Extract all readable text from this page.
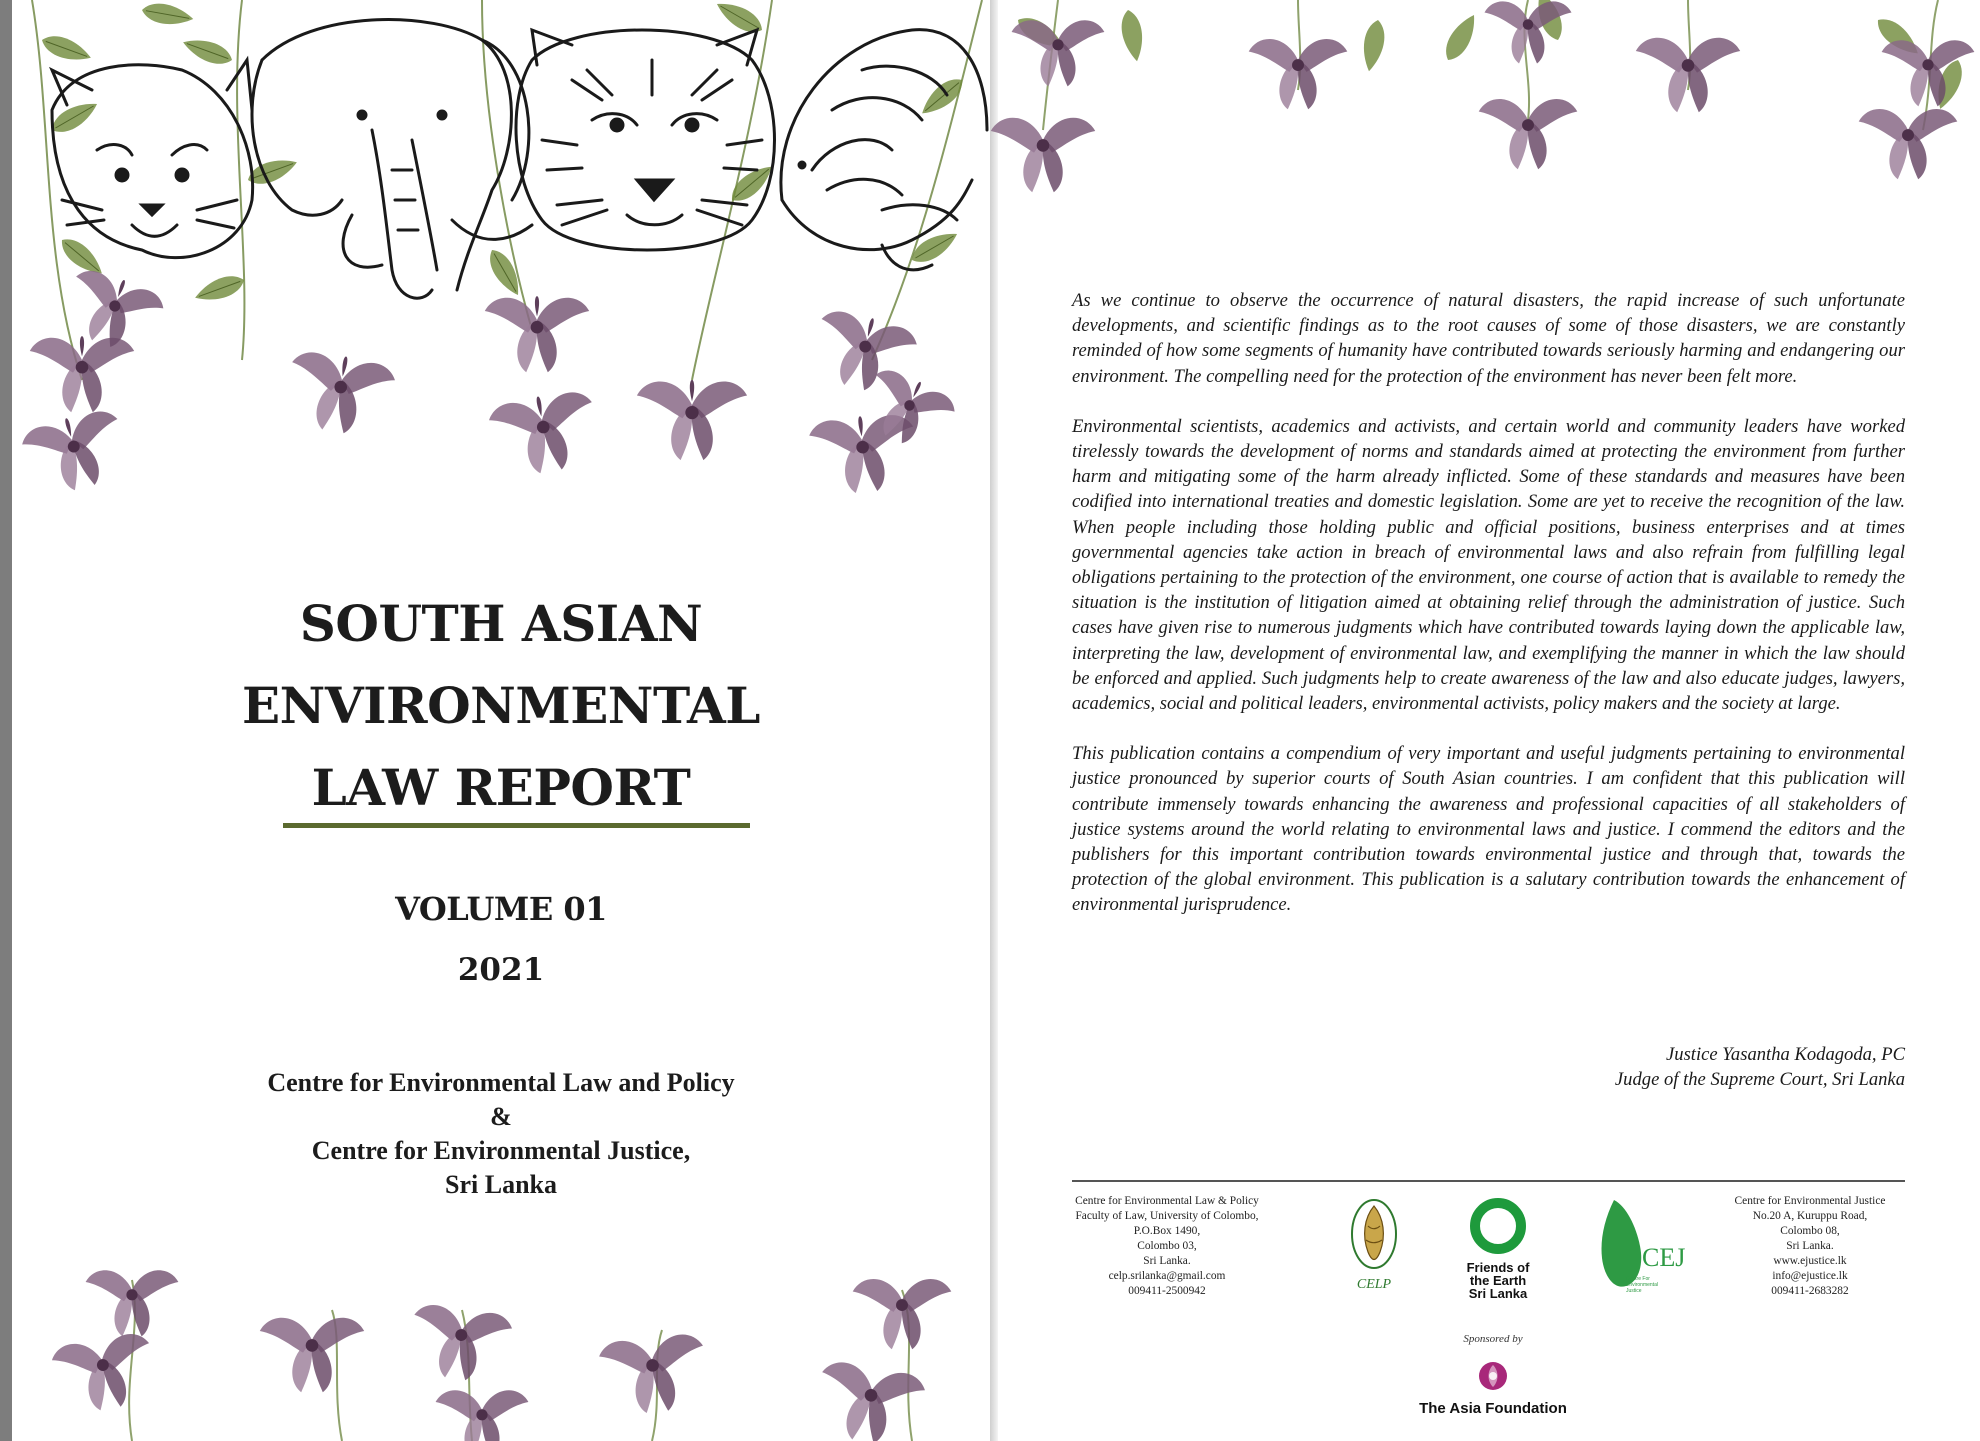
SOUTH ASIAN
ENVIRONMENTAL
LAW REPORT
VOLUME 01
2021
Centre for Environmental Law and Policy
&
Centre for Environmental Justice,
Sri Lanka

As we continue to observe the occurrence of natural disasters, the rapid increase of such unfortunate developments, and scientific findings as to the root causes of some of those disasters, we are constantly reminded of how some segments of humanity have contributed towards seriously harming and endangering our environment. The compelling need for the protection of the environment has never been felt more.

Environmental scientists, academics and activists, and certain world and community leaders have worked tirelessly towards the development of norms and standards aimed at protecting the environment from further harm and mitigating some of the harm already inflicted. Some of these standards and measures have been codified into international treaties and domestic legislation. Some are yet to receive the recognition of the law. When people including those holding public and official positions, business enterprises and at times governmental agencies take action in breach of environmental laws and also refrain from fulfilling legal obligations pertaining to the protection of the environment, one course of action that is available to remedy the situation is the institution of litigation aimed at obtaining relief through the administration of justice. Such cases have given rise to numerous judgments which have contributed towards laying down the applicable law, interpreting the law, development of environmental law, and exemplifying the manner in which the law should be enforced and applied. Such judgments help to create awareness of the law and also educate judges, lawyers, academics, social and political leaders, environmental activists, policy makers and the society at large.

This publication contains a compendium of very important and useful judgments pertaining to environmental justice pronounced by superior courts of South Asian countries. I am confident that this publication will contribute immensely towards enhancing the awareness and professional capacities of all stakeholders of justice systems around the world relating to environmental laws and justice. I commend the editors and the publishers for this important contribution towards environmental justice and through that, towards the protection of the global environment. This publication is a salutary contribution towards the enhancement of environmental jurisprudence.

Justice Yasantha Kodagoda, PC
Judge of the Supreme Court, Sri Lanka
Centre for Environmental Law & Policy
Faculty of Law, University of Colombo,
P.O.Box 1490,
Colombo 03,
Sri Lanka.
celp.srilanka@gmail.com
009411-2500942	CELP
Friends of
the Earth
Sri Lanka
CEJ
Centre For
Environmental
Justice
Centre for Environmental Justice
No.20 A, Kuruppu Road,
Colombo 08,
Sri Lanka.
www.ejustice.lk
info@ejustice.lk
009411-2683282
Sponsored by
The Asia Foundation
